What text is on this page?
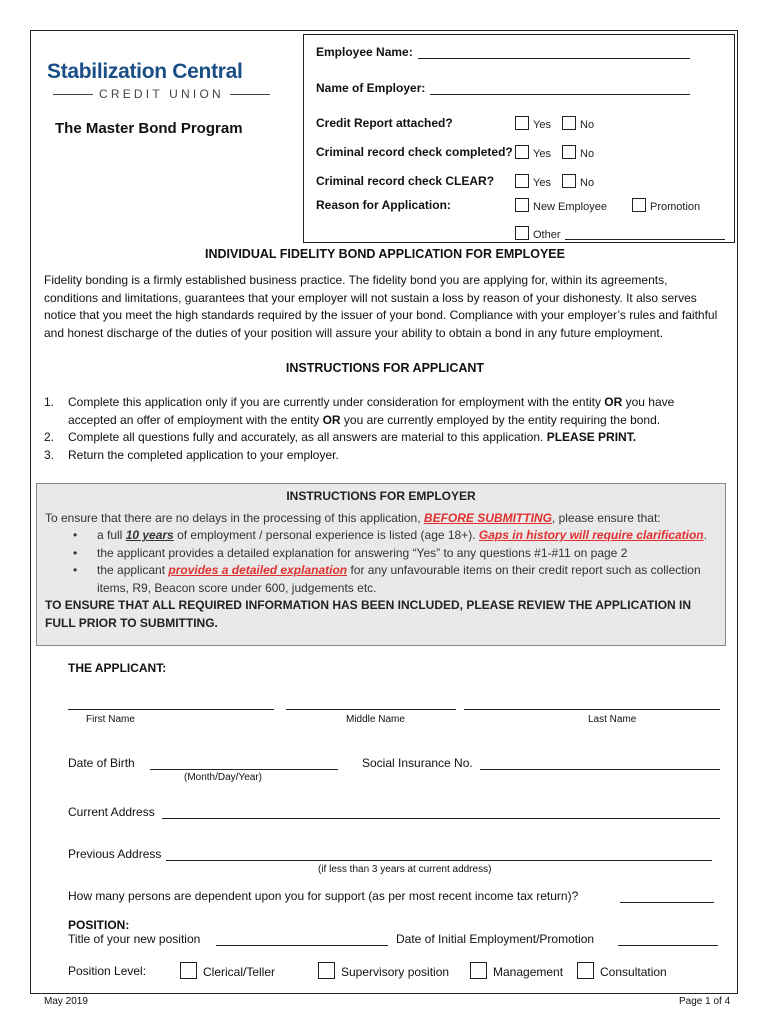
Stabilization Central
CREDIT UNION
The Master Bond Program
Employee Name:
Name of Employer:
Credit Report attached?	Yes	No
Criminal record check completed?	Yes	No
Criminal record check CLEAR?	Yes	No
Reason for Application:	New Employee	Promotion
Other
INDIVIDUAL FIDELITY BOND APPLICATION FOR EMPLOYEE
Fidelity bonding is a firmly established business practice. The fidelity bond you are applying for, within its agreements, conditions and limitations, guarantees that your employer will not sustain a loss by reason of your dishonesty. It also serves notice that you meet the high standards required by the issuer of your bond. Compliance with your employer’s rules and faithful and honest discharge of the duties of your position will assure your ability to obtain a bond in any future employment.
INSTRUCTIONS FOR APPLICANT
1.	Complete this application only if you are currently under consideration for employment with the entity OR you have accepted an offer of employment with the entity OR you are currently employed by the entity requiring the bond.
2.	Complete all questions fully and accurately, as all answers are material to this application. PLEASE PRINT.
3.	Return the completed application to your employer.
INSTRUCTIONS FOR EMPLOYER
To ensure that there are no delays in the processing of this application, BEFORE SUBMITTING, please ensure that:
•	a full 10 years of employment / personal experience is listed (age 18+). Gaps in history will require clarification.
•	the applicant provides a detailed explanation for answering “Yes” to any questions #1-#11 on page 2
•	the applicant provides a detailed explanation for any unfavourable items on their credit report such as collection items, R9, Beacon score under 600, judgements etc.
TO ENSURE THAT ALL REQUIRED INFORMATION HAS BEEN INCLUDED, PLEASE REVIEW THE APPLICATION IN FULL PRIOR TO SUBMITTING.
THE APPLICANT:
First Name	Middle Name	Last Name
Date of Birth
(Month/Day/Year)
Social Insurance No.
Current Address
Previous Address
(if less than 3 years at current address)
How many persons are dependent upon you for support (as per most recent income tax return)?
POSITION:
Title of your new position	Date of Initial Employment/Promotion
Position Level:	Clerical/Teller	Supervisory position	Management	Consultation
May 2019	Page 1 of 4
